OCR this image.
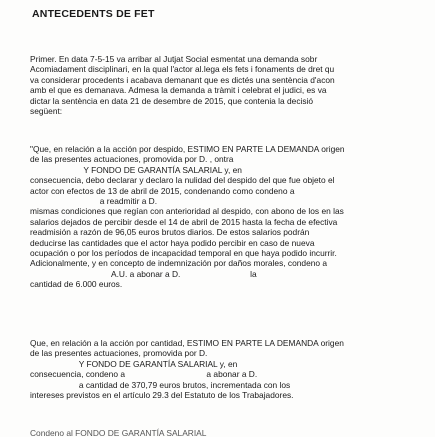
ANTECEDENTS DE FET
Primer. En data 7-5-15 va arribar al Jutjat Social esmentat una demanda sobr
Acomiadament disciplinari, en la qual l'actor al.lega els fets i fonaments de dret qu
va considerar procedents i acabava demanant que es dictés una sentència d'acon
amb el que es demanava. Admesa la demanda a tràmit i celebrat el judici, es va
dictar la sentència en data 21 de desembre de 2015, que contenia la decisió
següent:
"Que, en relación a la acción por despido, ESTIMO EN PARTE LA DEMANDA origen
de las presentes actuaciones, promovida por D. , ontra
Y FONDO DE GARANTÍA SALARIAL y, en
consecuencia, debo declarar y declaro la nulidad del despido del que fue objeto el
actor con efectos de 13 de abril de 2015, condenando como condeno a
a readmitir a D.
mismas condiciones que regían con anterioridad al despido, con abono de los en las
salarios dejados de percibir desde el 14 de abril de 2015 hasta la fecha de efectiva
readmisión a razón de 96,05 euros brutos diarios. De estos salarios podrán
deducirse las cantidades que el actor haya podido percibir en caso de nueva
ocupación o por los períodos de incapacidad temporal en que haya podido incurrir.
Adicionalmente, y en concepto de indemnización por daños morales, condeno a
A.U. a abonar a D.                              la
cantidad de 6.000 euros.
Que, en relación a la acción por cantidad, ESTIMO EN PARTE LA DEMANDA origen
de las presentes actuaciones, promovida por D.
Y FONDO DE GARANTÍA SALARIAL y, en
consecuencia, condeno a                                   a abonar a D.
a cantidad de 370,79 euros brutos, incrementada con los
intereses previstos en el artículo 29.3 del Estatuto de los Trabajadores.
Condeno al FONDO DE GARANTÍA SALARIAL
